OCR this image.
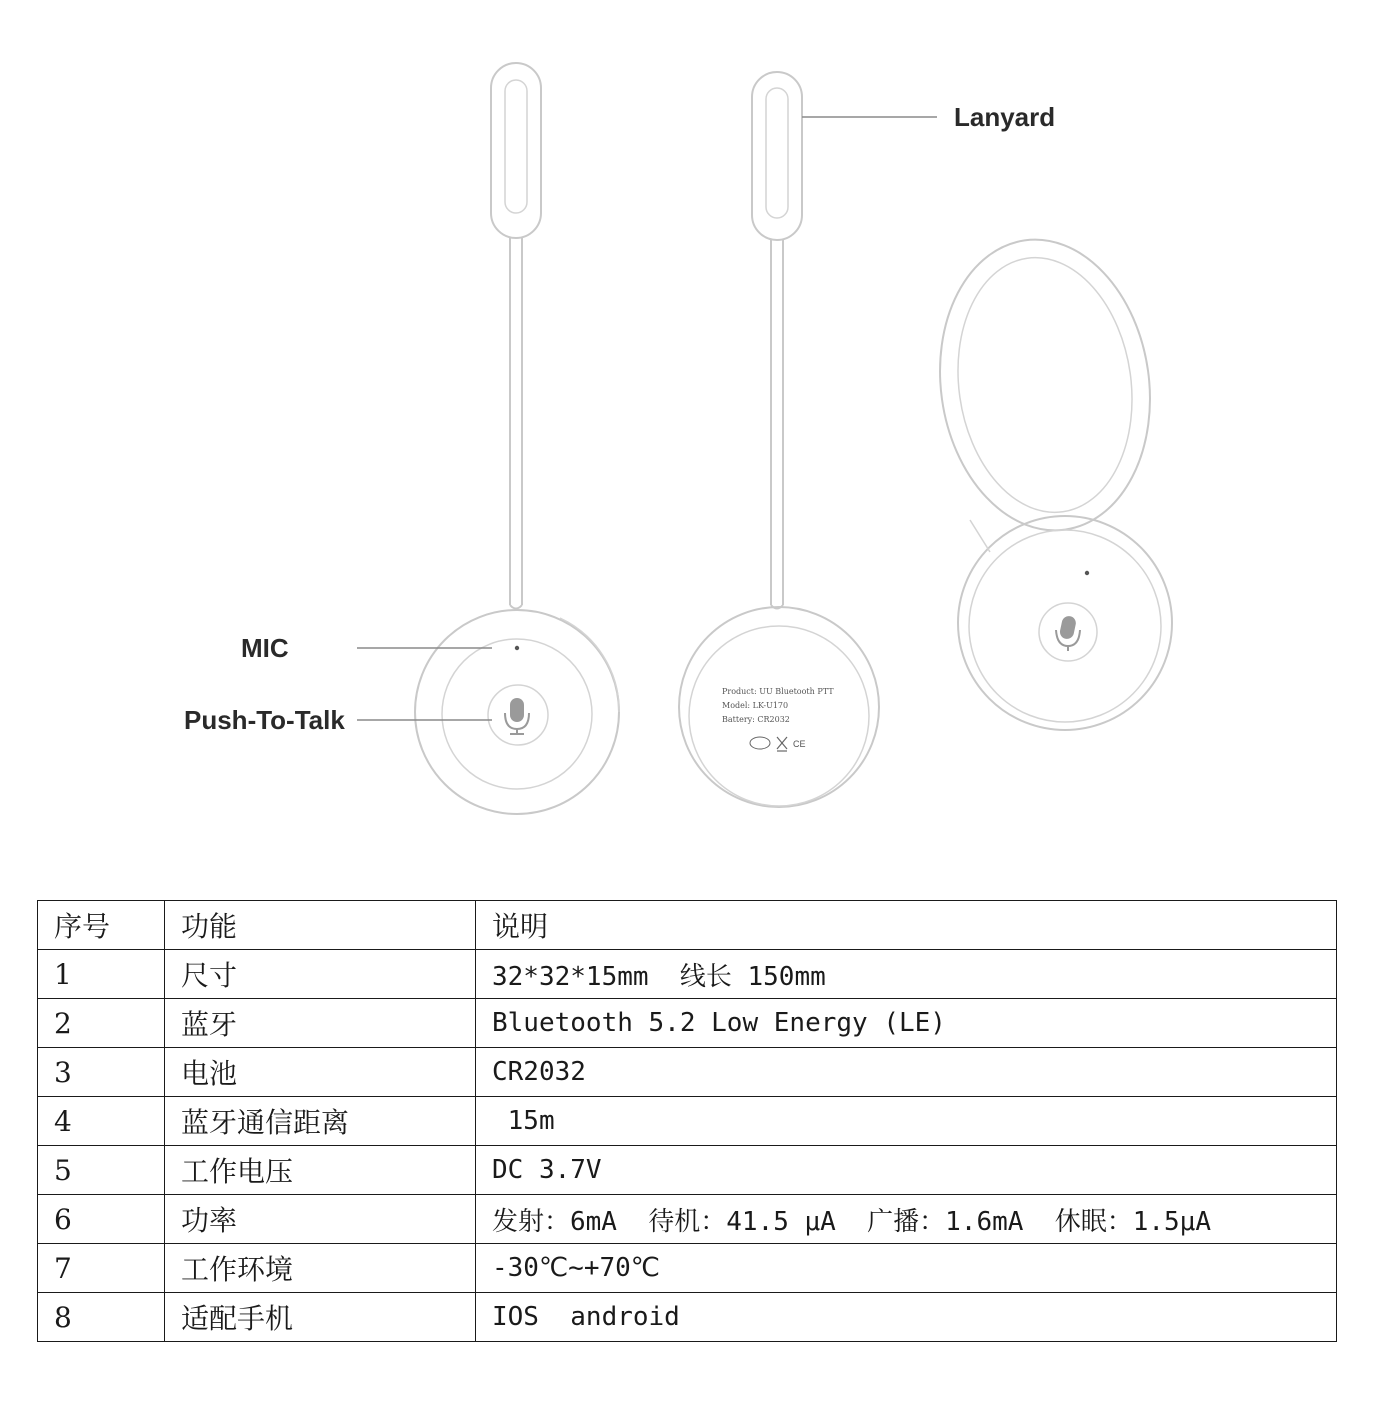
MIC
Push-To-Talk
Product: UU Bluetooth PTT
Model: LK-U170
Battery: CR2032
CE
Lanyard
序号	功能	说明
1	尺寸	32*32*15mm  线长 150mm
2	蓝牙	Bluetooth 5.2 Low Energy (LE)
3	电池	CR2032
4	蓝牙通信距离	15m
5	工作电压	DC 3.7V
6	功率	发射：6mA  待机：41.5 μA  广播：1.6mA  休眠：1.5μA
7	工作环境	-30℃~+70℃
8	适配手机	IOS  android
